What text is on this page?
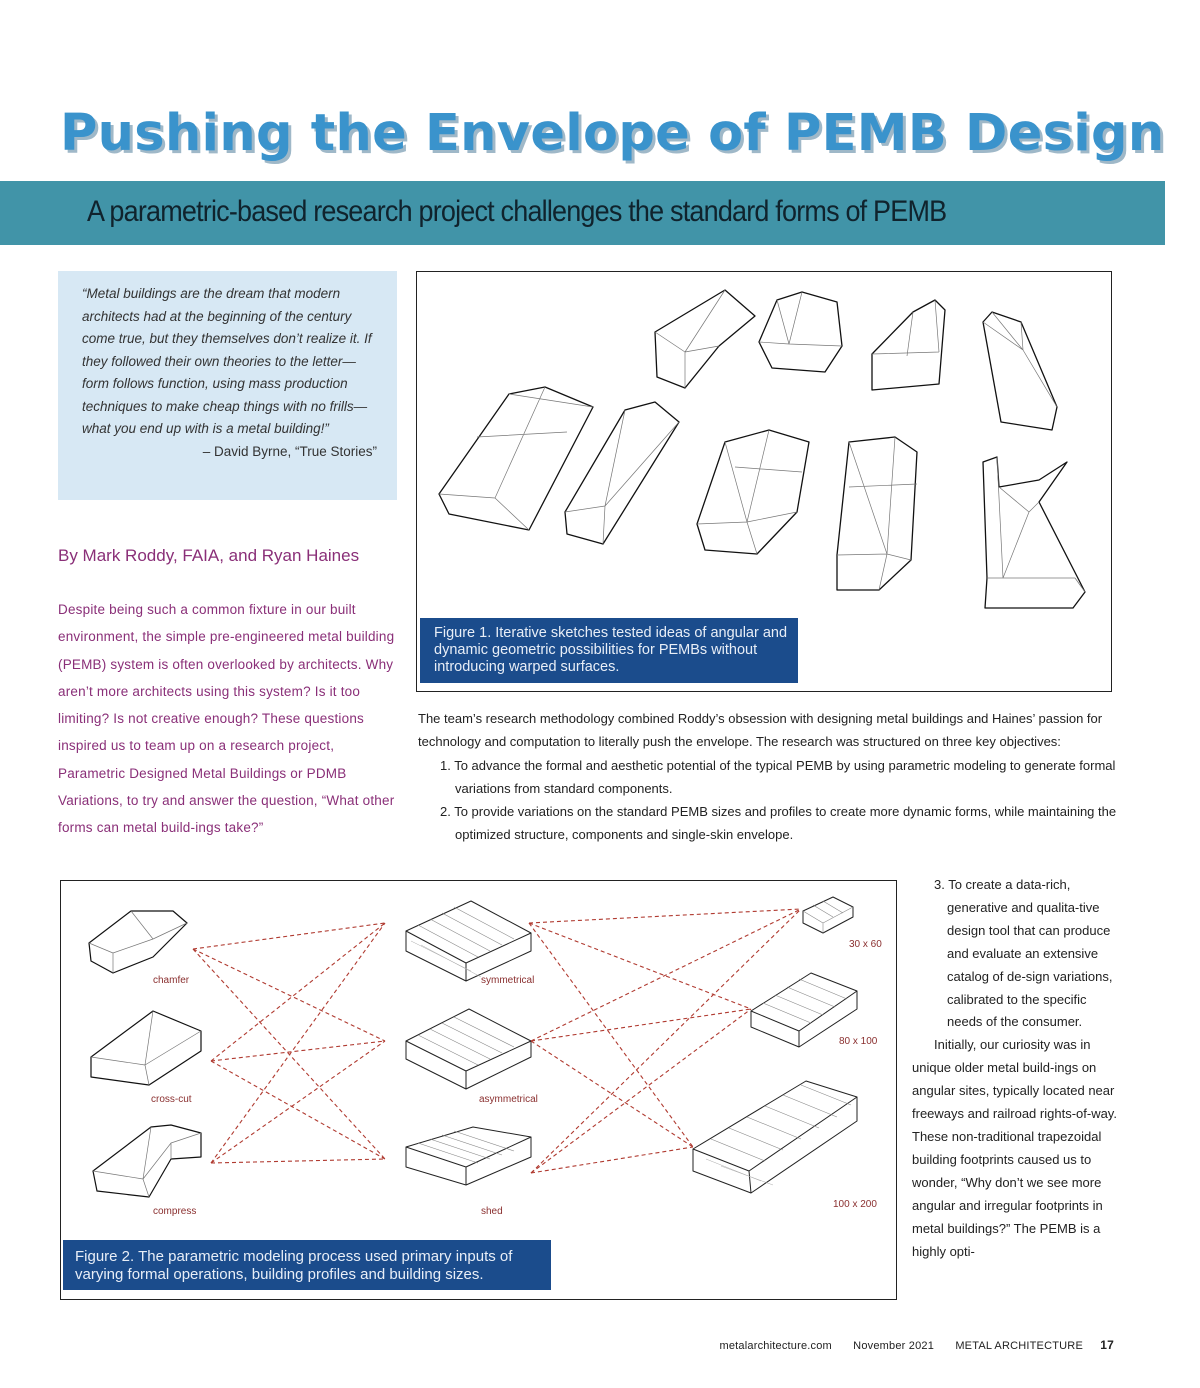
Pushing the Envelope of PEMB Design
A parametric-based research project challenges the standard forms of PEMB

“Metal buildings are the dream that modern architects had at the beginning of the century come true, but they themselves don’t realize it. If they followed their own theories to the letter—form follows function, using mass production techniques to make cheap things with no frills—what you end up with is a metal building!”

– David Byrne, “True Stories”

By Mark Roddy, FAIA, and Ryan Haines

Despite being such a common fixture in our built environment, the simple pre-engineered metal building (PEMB) system is often overlooked by architects. Why aren’t more architects using this system? Is it too limiting? Is not creative enough? These questions inspired us to team up on a research project, Parametric Designed Metal Buildings or PDMB Variations, to try and answer the question, “What other forms can metal build-ings take?”

Figure 1. Iterative sketches tested ideas of angular and dynamic geometric possibilities for PEMBs without introducing warped surfaces.

The team’s research methodology combined Roddy’s obsession with designing metal buildings and Haines’ passion for technology and computation to literally push the envelope. The research was structured on three key objectives:

1. To advance the formal and aesthetic potential of the typical PEMB by using parametric modeling to generate formal variations from standard components.

2. To provide variations on the standard PEMB sizes and profiles to create more dynamic forms, while maintaining the optimized structure, components and single-skin envelope.

chamfer
cross-cut
compress
symmetrical
asymmetrical
shed
30 x 60
80 x 100
100 x 200
Figure 2. The parametric modeling process used primary inputs of varying formal operations, building profiles and building sizes.

3. To create a data-rich, generative and qualita-tive design tool that can produce and evaluate an extensive catalog of de-sign variations, calibrated to the specific needs of the consumer.

Initially, our curiosity was in unique older metal build-ings on angular sites, typically located near freeways and railroad rights-of-way. These non-traditional trapezoidal building footprints caused us to wonder, “Why don’t we see more angular and irregular footprints in metal buildings?” The PEMB is a highly opti-

metalarchitecture.com November 2021 METAL ARCHITECTURE 17
